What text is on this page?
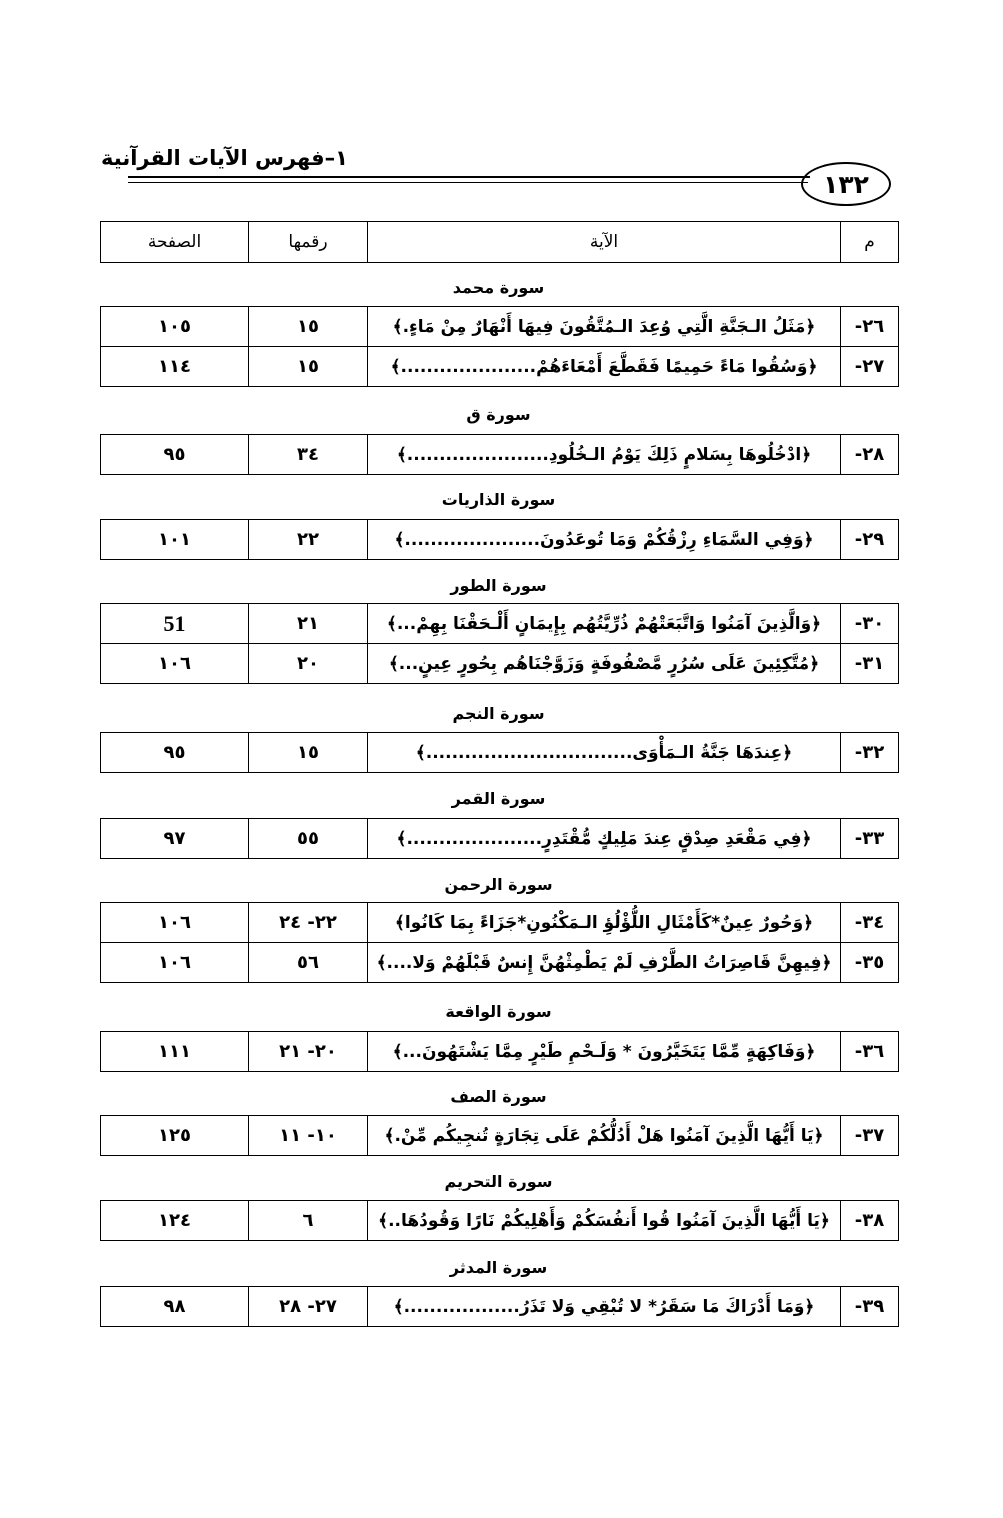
١–فهرس الآيات القرآنية
١٣٢
م	الآية	رقمها	الصفحة
سورة محمد
٢٦-	﴿مَثَلُ الـجَنَّةِ الَّتِي وُعِدَ الـمُتَّقُونَ فِيهَا أَنْهَارٌ مِنْ مَاءٍ.﴾	١٥	١٠٥
٢٧-	﴿وَسُقُوا مَاءً حَمِيمًا فَقَطَّعَ أَمْعَاءَهُمْ.....................﴾	١٥	١١٤
سورة ق
٢٨-	﴿ادْخُلُوهَا بِسَلامٍ ذَلِكَ يَوْمُ الـخُلُودِ......................﴾	٣٤	٩٥
سورة الذاريات
٢٩-	﴿وَفِي السَّمَاءِ رِزْقُكُمْ وَمَا تُوعَدُونَ.....................﴾	٢٢	١٠١
سورة الطور
٣٠-	﴿وَالَّذِينَ آمَنُوا وَاتَّبَعَتْهُمْ ذُرِّيَّتُهُم بِإِيمَانٍ أَلْـحَقْنَا بِهِمْ...﴾	٢١	51
٣١-	﴿مُتَّكِئِينَ عَلَى سُرُرٍ مَّصْفُوفَةٍ وَزَوَّجْنَاهُم بِحُورٍ عِينٍ...﴾	٢٠	١٠٦
سورة النجم
٣٢-	﴿عِندَهَا جَنَّةُ الـمَأْوَى................................﴾	١٥	٩٥
سورة القمر
٣٣-	﴿فِي مَقْعَدِ صِدْقٍ عِندَ مَلِيكٍ مُّقْتَدِرٍ.....................﴾	٥٥	٩٧
سورة الرحمن
٣٤-	﴿وَحُورٌ عِينٌ*كَأَمْثَالِ اللُّؤْلُؤِ الـمَكْنُونِ*جَزَاءً بِمَا كَانُوا﴾	٢٢- ٢٤	١٠٦
٣٥-	﴿فِيهِنَّ قَاصِرَاتُ الطَّرْفِ لَمْ يَطْمِثْهُنَّ إِنسٌ قَبْلَهُمْ وَلا....﴾	٥٦	١٠٦
سورة الواقعة
٣٦-	﴿وَفَاكِهَةٍ مِّمَّا يَتَخَيَّرُونَ * وَلَـحْمِ طَيْرٍ مِمَّا يَشْتَهُونَ...﴾	٢٠- ٢١	١١١
سورة الصف
٣٧-	﴿يَا أَيُّهَا الَّذِينَ آمَنُوا هَلْ أَدُلُّكُمْ عَلَى تِجَارَةٍ تُنجِيكُم مِّنْ.﴾	١٠- ١١	١٢٥
سورة التحريم
٣٨-	﴿يَا أَيُّهَا الَّذِينَ آمَنُوا قُوا أَنفُسَكُمْ وَأَهْلِيكُمْ نَارًا وَقُودُهَا..﴾	٦	١٢٤
سورة المدثر
٣٩-	﴿وَمَا أَدْرَاكَ مَا سَقَرُ* لا تُبْقِي وَلا تَذَرُ..................﴾	٢٧- ٢٨	٩٨
